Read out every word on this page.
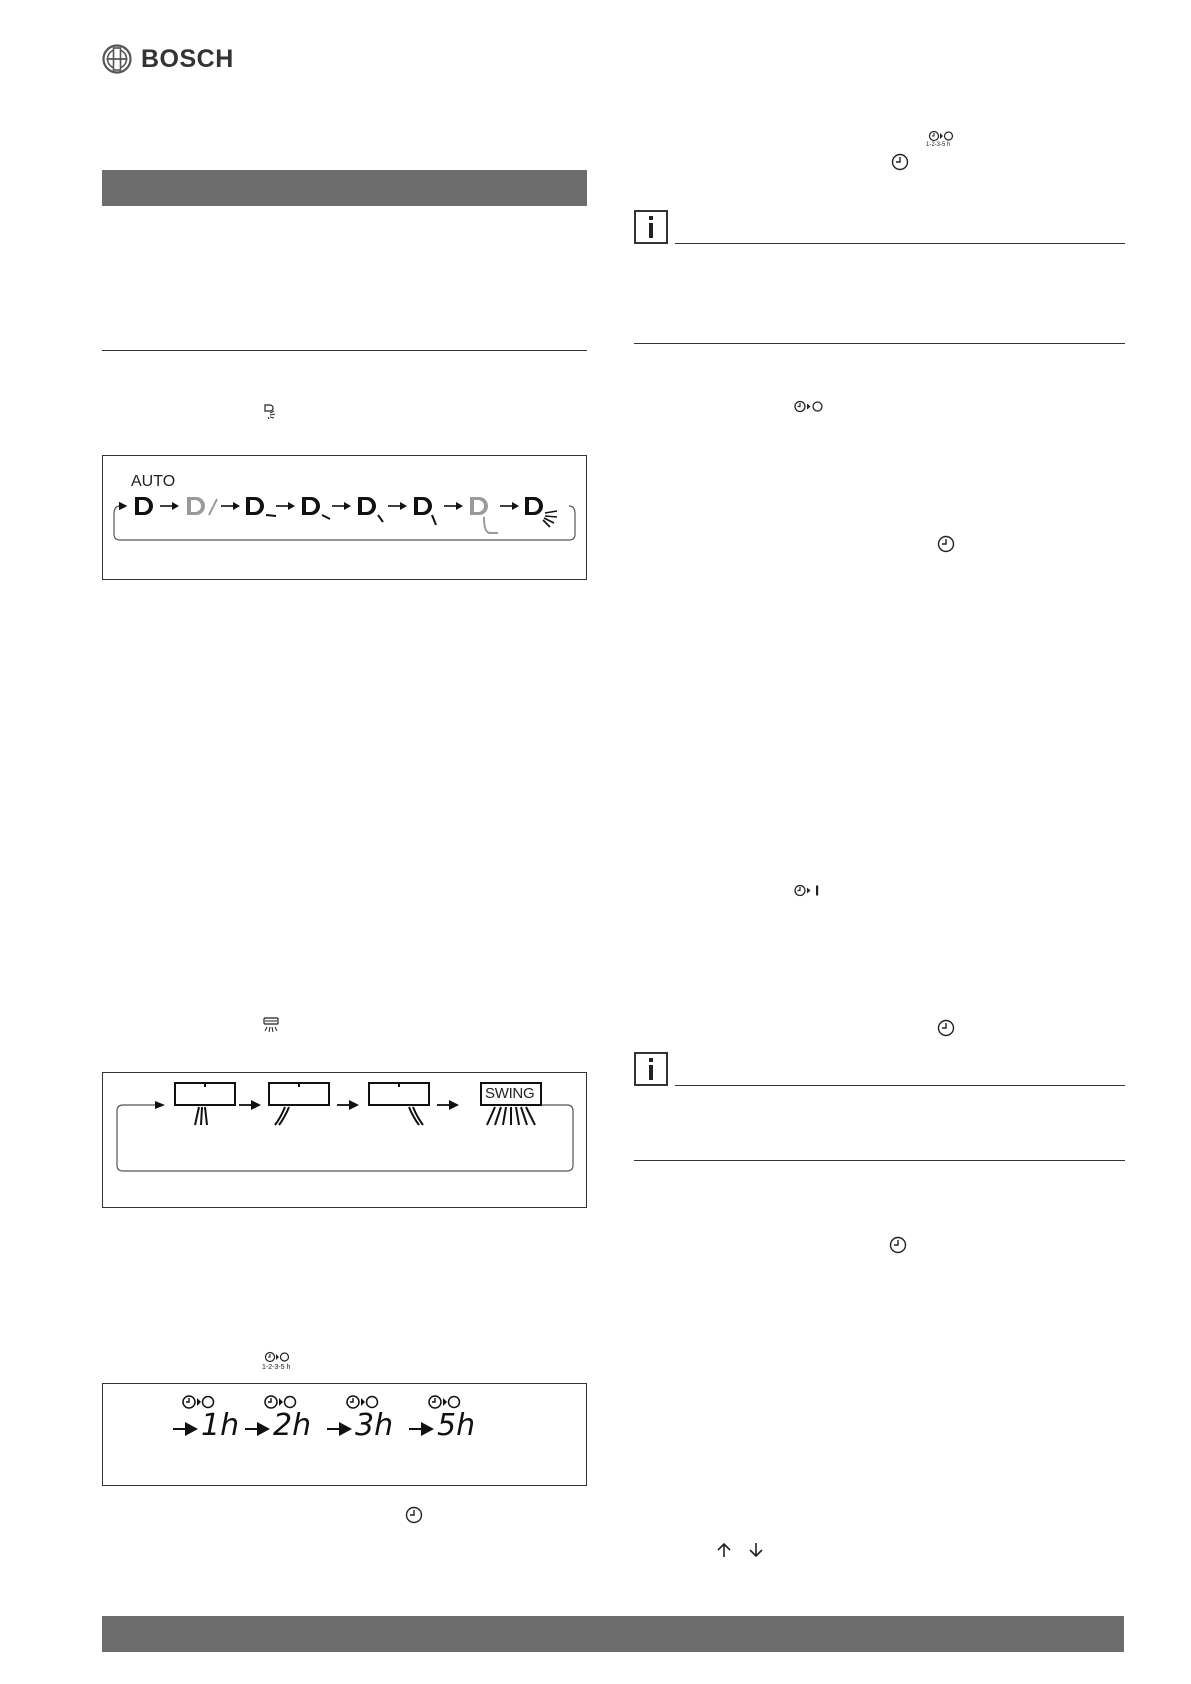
BOSCH
AUTO
SWING
1-2-3-5 h
1h 2h 3h 5h
1-2-3-5 h
